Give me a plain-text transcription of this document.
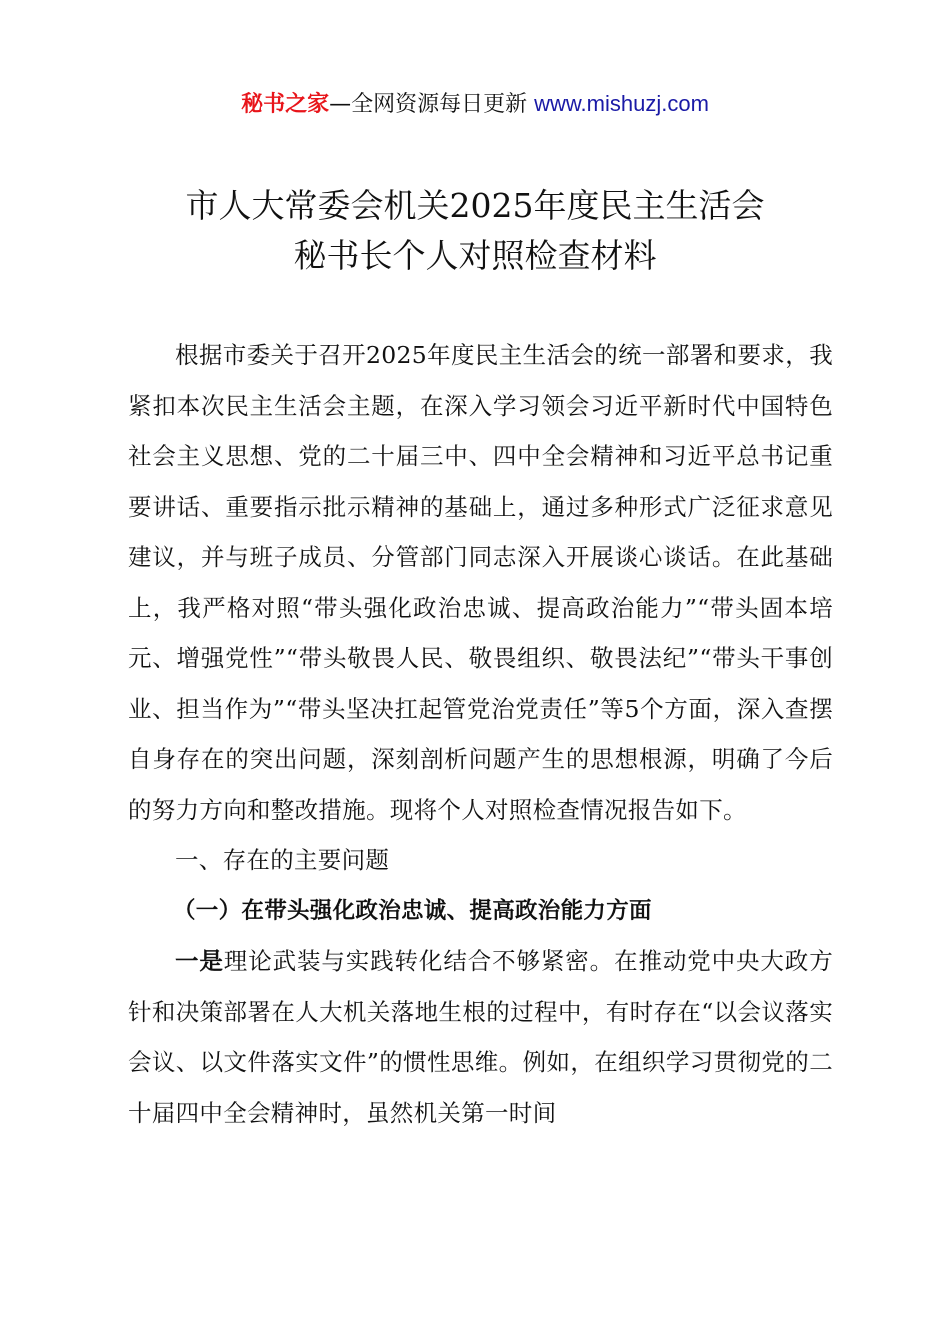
秘书之家—全网资源每日更新 www.mishuzj.com
市人大常委会机关2025年度民主生活会
秘书长个人对照检查材料

根据市委关于召开2025年度民主生活会的统一部署和要求，我紧扣本次民主生活会主题，在深入学习领会习近平新时代中国特色社会主义思想、党的二十届三中、四中全会精神和习近平总书记重要讲话、重要指示批示精神的基础上，通过多种形式广泛征求意见建议，并与班子成员、分管部门同志深入开展谈心谈话。在此基础上，我严格对照“带头强化政治忠诚、提高政治能力”“带头固本培元、增强党性”“带头敬畏人民、敬畏组织、敬畏法纪”“带头干事创业、担当作为”“带头坚决扛起管党治党责任”等5个方面，深入查摆自身存在的突出问题，深刻剖析问题产生的思想根源，明确了今后的努力方向和整改措施。现将个人对照检查情况报告如下。

一、存在的主要问题

（一）在带头强化政治忠诚、提高政治能力方面

一是理论武装与实践转化结合不够紧密。在推动党中央大政方针和决策部署在人大机关落地生根的过程中，有时存在“以会议落实会议、以文件落实文件”的惯性思维。例如，在组织学习贯彻党的二十届四中全会精神时，虽然机关第一时间
